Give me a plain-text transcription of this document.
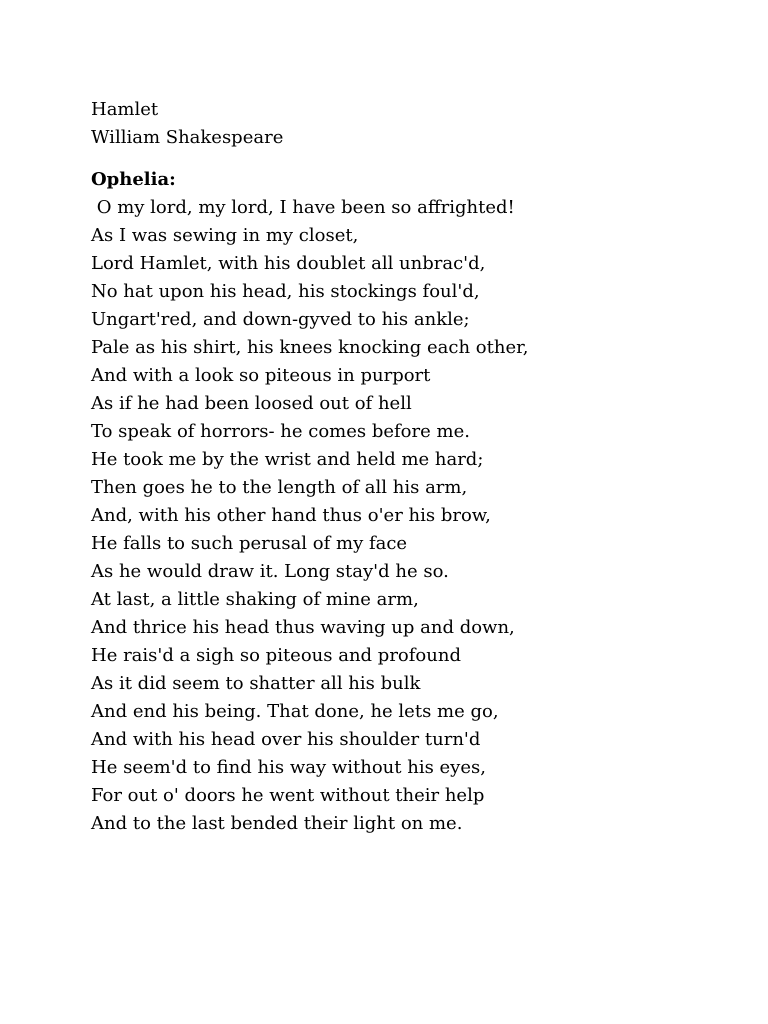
Hamlet
William Shakespeare
Ophelia:
O my lord, my lord, I have been so affrighted!
As I was sewing in my closet,
Lord Hamlet, with his doublet all unbrac'd,
No hat upon his head, his stockings foul'd,
Ungart'red, and down-gyved to his ankle;
Pale as his shirt, his knees knocking each other,
And with a look so piteous in purport
As if he had been loosed out of hell
To speak of horrors- he comes before me.
He took me by the wrist and held me hard;
Then goes he to the length of all his arm,
And, with his other hand thus o'er his brow,
He falls to such perusal of my face
As he would draw it. Long stay'd he so.
At last, a little shaking of mine arm,
And thrice his head thus waving up and down,
He rais'd a sigh so piteous and profound
As it did seem to shatter all his bulk
And end his being. That done, he lets me go,
And with his head over his shoulder turn'd
He seem'd to find his way without his eyes,
For out o' doors he went without their help
And to the last bended their light on me.
